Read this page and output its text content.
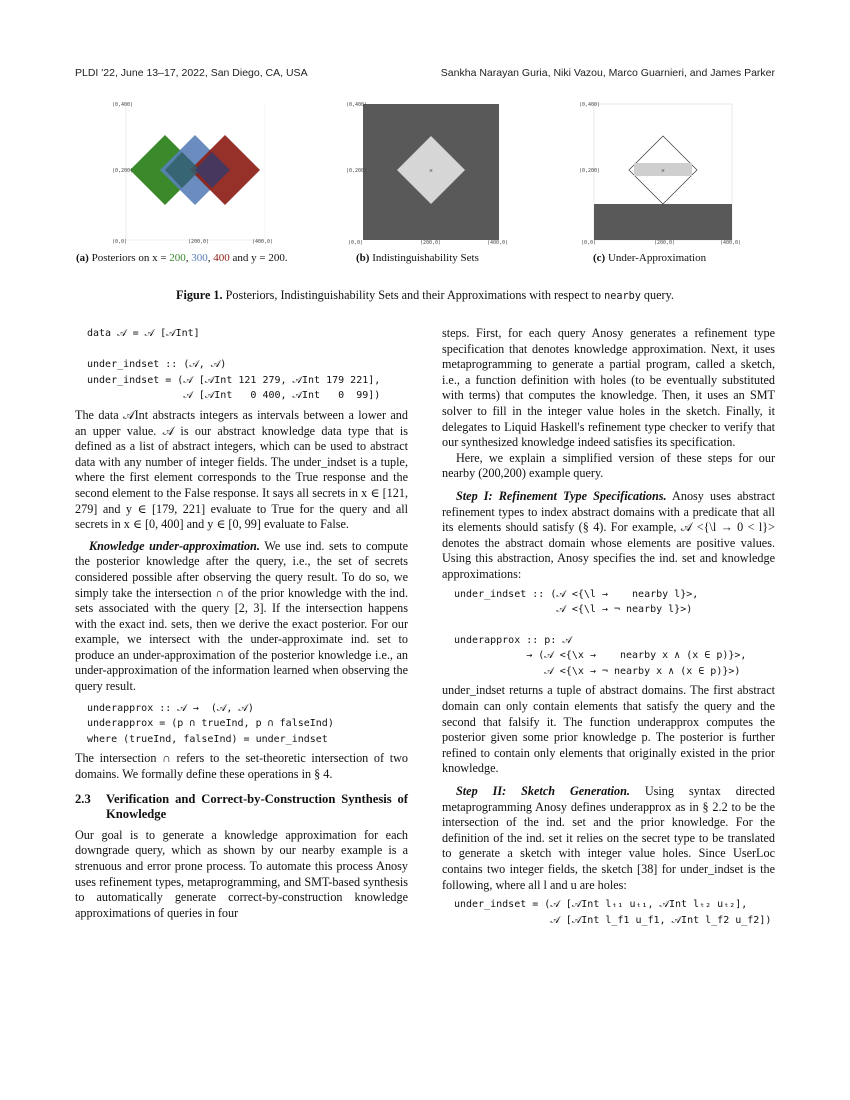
PLDI '22, June 13–17, 2022, San Diego, CA, USA	Sankha Narayan Guria, Niki Vazou, Marco Guarnieri, and James Parker
(0,400)
(0,200)
(0,0)	(200,0)	(400,0)
×
(0,400)
(0,200)
(0,0)	(200,0)	(400,0)
×
(0,400)
(0,200)
(0,0)	(200,0)	(400,0)
(a) Posteriors on x = 200, 300, 400 and y = 200.	(b) Indistinguishability Sets	(c) Under-Approximation
Figure 1. Posteriors, Indistinguishability Sets and their Approximations with respect to nearby query.
data 𝒜 = 𝒜 [𝒜Int]

under_indset :: (𝒜, 𝒜)
under_indset = (𝒜 [𝒜Int 121 279, 𝒜Int 179 221],
𝒜 [𝒜Int   0 400, 𝒜Int   0  99])

The data 𝒜Int abstracts integers as intervals between a lower and an upper value. 𝒜 is our abstract knowledge data type that is defined as a list of abstract integers, which can be used to abstract data with any number of integer fields. The under_indset is a tuple, where the first element corresponds to the True response and the second element to the False response. It says all secrets in x ∈ [121, 279] and y ∈ [179, 221] evaluate to True for the query and all secrets in x ∈ [0, 400] and y ∈ [0, 99] evaluate to False.

Knowledge under-approximation. We use ind. sets to compute the posterior knowledge after the query, i.e., the set of secrets considered possible after observing the query result. To do so, we simply take the intersection ∩ of the prior knowledge with the ind. sets associated with the query [2, 3]. If the intersection happens with the exact ind. sets, then we derive the exact posterior. For our example, we intersect with the under-approximate ind. set to produce an under-approximation of the posterior knowledge i.e., an under-approximation of the information learned when observing the query result.

underapprox :: 𝒜 →  (𝒜, 𝒜)
underapprox = (p ∩ trueInd, p ∩ falseInd)
where (trueInd, falseInd) = under_indset

The intersection ∩ refers to the set-theoretic intersection of two domains. We formally define these operations in § 4.

2.3	Verification and Correct-by-Construction Synthesis of Knowledge

Our goal is to generate a knowledge approximation for each downgrade query, which as shown by our nearby example is a strenuous and error prone process. To automate this process Anosy uses refinement types, metaprogramming, and SMT-based synthesis to automatically generate correct-by-construction knowledge approximations of queries in four

steps. First, for each query Anosy generates a refinement type specification that denotes knowledge approximation. Next, it uses metaprogramming to generate a partial program, called a sketch, i.e., a function definition with holes (to be eventually substituted with terms) that computes the knowledge. Then, it uses an SMT solver to fill in the integer value holes in the sketch. Finally, it delegates to Liquid Haskell's refinement type checker to verify that our synthesized knowledge indeed satisfies its specification.

Here, we explain a simplified version of these steps for our nearby (200,200) example query.

Step I: Refinement Type Specifications. Anosy uses abstract refinement types to index abstract domains with a predicate that all its elements should satisfy (§ 4). For example, 𝒜 <{\l → 0 < l}> denotes the abstract domain whose elements are positive values. Using this abstraction, Anosy specifies the ind. set and knowledge approximations:

under_indset :: (𝒜 <{\l →    nearby l}>,
𝒜 <{\l → ¬ nearby l}>)
underapprox :: p: 𝒜
→ (𝒜 <{\x →    nearby x ∧ (x ∈ p)}>,
𝒜 <{\x → ¬ nearby x ∧ (x ∈ p)}>)

under_indset returns a tuple of abstract domains. The first abstract domain can only contain elements that satisfy the query and the second that falsify it. The function underapprox computes the posterior given some prior knowledge p. The posterior is further refined to contain only elements that originally existed in the prior knowledge.

Step II: Sketch Generation. Using syntax directed metaprogramming Anosy defines underapprox as in § 2.2 to be the intersection of the ind. set and the prior knowledge. For the definition of the ind. set it relies on the secret type to be translated to generate a sketch with integer value holes. Since UserLoc contains two integer fields, the sketch [38] for under_indset is the following, where all l and u are holes:

under_indset = (𝒜 [𝒜Int lₜ₁ uₜ₁, 𝒜Int lₜ₂ uₜ₂],
𝒜 [𝒜Int l_f1 u_f1, 𝒜Int l_f2 u_f2])
